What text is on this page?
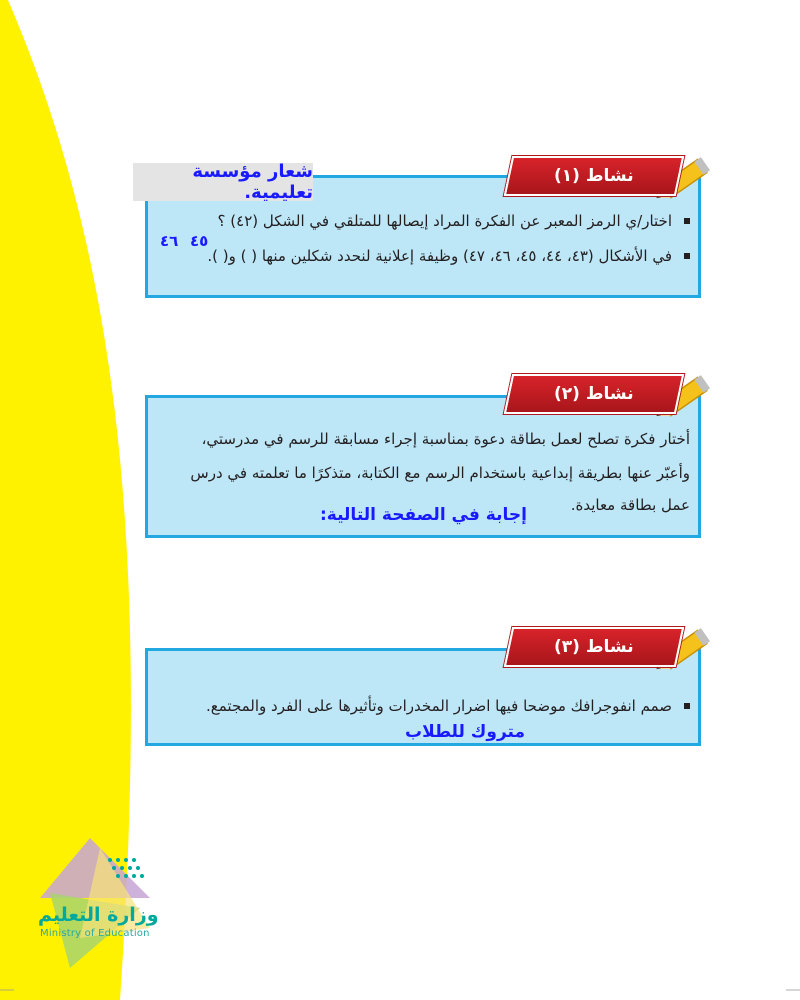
نشاط (١)
شعار مؤسسة تعليمية.
اختار/ي الرمز المعبر عن الفكرة المراد إيصالها للمتلقي في الشكل (٤٢) ؟
في الأشكال (٤٣، ٤٤، ٤٥، ٤٦، ٤٧) وظيفة إعلانية لنحدد شكلين منها ( ) و( ).
٤٦ ٤٥
نشاط (٢)
أختار فكرة تصلح لعمل بطاقة دعوة بمناسبة إجراء مسابقة للرسم في مدرستي،
وأعبّر عنها بطريقة إبداعية باستخدام الرسم مع الكتابة، متذكرًا ما تعلمته في درس
عمل بطاقة معايدة.
إجابة في الصفحة التالية:
نشاط (٣)
صمم انفوجرافك موضحا فيها اضرار المخدرات وتأثيرها على الفرد والمجتمع.
متروك للطلاب
وزارة التعليم
Ministry of Education
